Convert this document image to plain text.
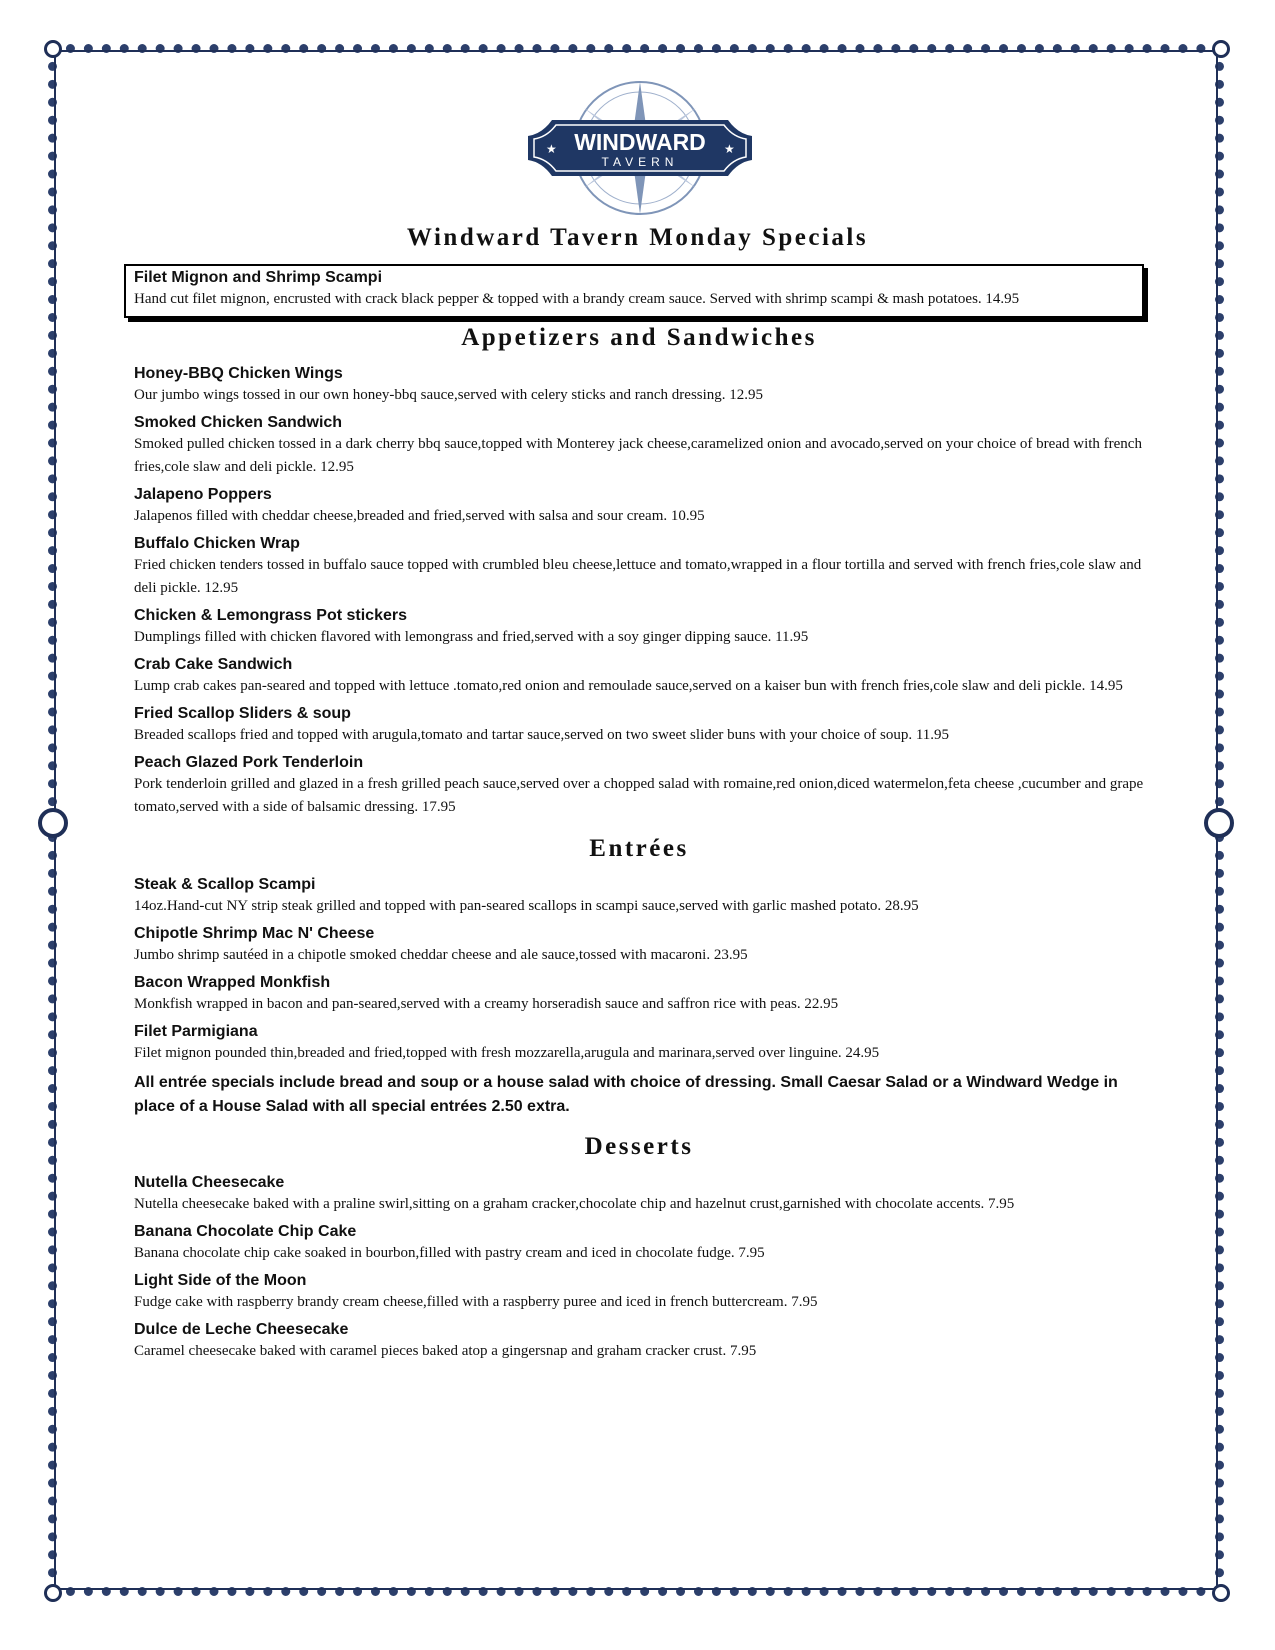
WINDWARD
TAVERN
★	★
Windward Tavern Monday Specials

Filet Mignon and Shrimp Scampi

Hand cut filet mignon, encrusted with crack black pepper & topped with a brandy cream sauce. Served with shrimp scampi & mash potatoes. 14.95

Appetizers and Sandwiches

Honey-BBQ Chicken Wings

Our jumbo wings tossed in our own honey-bbq sauce,served with celery sticks and ranch dressing. 12.95

Smoked Chicken Sandwich

Smoked pulled chicken tossed in a dark cherry bbq sauce,topped with Monterey jack cheese,caramelized onion and avocado,served on your choice of bread with french fries,cole slaw and deli pickle. 12.95

Jalapeno Poppers

Jalapenos filled with cheddar cheese,breaded and fried,served with salsa and sour cream. 10.95

Buffalo Chicken Wrap

Fried chicken tenders tossed in buffalo sauce topped with crumbled bleu cheese,lettuce and tomato,wrapped in a flour tortilla and served with french fries,cole slaw and deli pickle. 12.95

Chicken & Lemongrass Pot stickers

Dumplings filled with chicken flavored with lemongrass and fried,served with a soy ginger dipping sauce. 11.95

Crab Cake Sandwich

Lump crab cakes pan-seared and topped with lettuce .tomato,red onion and remoulade sauce,served on a kaiser bun with french fries,cole slaw and deli pickle. 14.95

Fried Scallop Sliders & soup

Breaded scallops fried and topped with arugula,tomato and tartar sauce,served on two sweet slider buns with your choice of soup. 11.95

Peach Glazed Pork Tenderloin

Pork tenderloin grilled and glazed in a fresh grilled peach sauce,served over a chopped salad with romaine,red onion,diced watermelon,feta cheese ,cucumber and grape tomato,served with a side of balsamic dressing. 17.95

Entrées

Steak & Scallop Scampi

14oz.Hand-cut NY strip steak grilled and topped with pan-seared scallops in scampi sauce,served with garlic mashed potato. 28.95

Chipotle Shrimp Mac N' Cheese

Jumbo shrimp sautéed in a chipotle smoked cheddar cheese and ale sauce,tossed with macaroni. 23.95

Bacon Wrapped Monkfish

Monkfish wrapped in bacon and pan-seared,served with a creamy horseradish sauce and saffron rice with peas. 22.95

Filet Parmigiana

Filet mignon pounded thin,breaded and fried,topped with fresh mozzarella,arugula and marinara,served over linguine. 24.95

All entrée specials include bread and soup or a house salad with choice of dressing. Small Caesar Salad or a Windward Wedge in place of a House Salad with all special entrées 2.50 extra.

Desserts

Nutella Cheesecake

Nutella cheesecake baked with a praline swirl,sitting on a graham cracker,chocolate chip and hazelnut crust,garnished with chocolate accents. 7.95

Banana Chocolate Chip Cake

Banana chocolate chip cake soaked in bourbon,filled with pastry cream and iced in chocolate fudge. 7.95

Light Side of the Moon

Fudge cake with raspberry brandy cream cheese,filled with a raspberry puree and iced in french buttercream. 7.95

Dulce de Leche Cheesecake

Caramel cheesecake baked with caramel pieces baked atop a gingersnap and graham cracker crust. 7.95
